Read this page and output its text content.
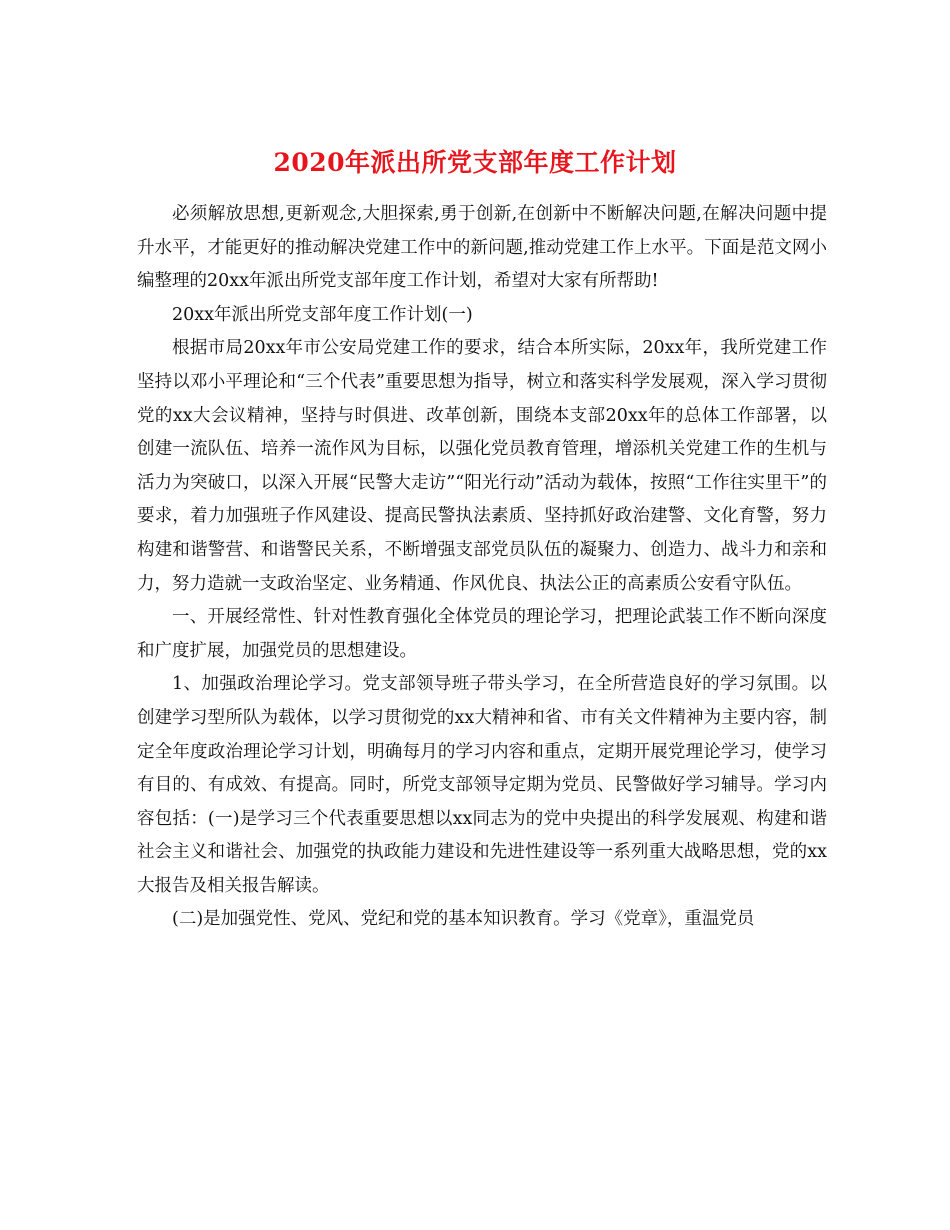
2020年派出所党支部年度工作计划

必须解放思想,更新观念,大胆探索,勇于创新,在创新中不断解决问题,在解决问题中提升水平，才能更好的推动解决党建工作中的新问题,推动党建工作上水平。下面是范文网小编整理的20xx年派出所党支部年度工作计划，希望对大家有所帮助!

20xx年派出所党支部年度工作计划(一)

根据市局20xx年市公安局党建工作的要求，结合本所实际，20xx年，我所党建工作坚持以邓小平理论和“三个代表”重要思想为指导，树立和落实科学发展观，深入学习贯彻党的xx大会议精神，坚持与时俱进、改革创新，围绕本支部20xx年的总体工作部署，以创建一流队伍、培养一流作风为目标，以强化党员教育管理，增添机关党建工作的生机与活力为突破口，以深入开展“民警大走访”“阳光行动”活动为载体，按照“工作往实里干”的要求，着力加强班子作风建设、提高民警执法素质、坚持抓好政治建警、文化育警，努力构建和谐警营、和谐警民关系，不断增强支部党员队伍的凝聚力、创造力、战斗力和亲和力，努力造就一支政治坚定、业务精通、作风优良、执法公正的高素质公安看守队伍。

一、开展经常性、针对性教育强化全体党员的理论学习，把理论武装工作不断向深度和广度扩展，加强党员的思想建设。

1、加强政治理论学习。党支部领导班子带头学习，在全所营造良好的学习氛围。以创建学习型所队为载体，以学习贯彻党的xx大精神和省、市有关文件精神为主要内容，制定全年度政治理论学习计划，明确每月的学习内容和重点，定期开展党理论学习，使学习有目的、有成效、有提高。同时，所党支部领导定期为党员、民警做好学习辅导。学习内容包括：(一)是学习三个代表重要思想以xx同志为的党中央提出的科学发展观、构建和谐社会主义和谐社会、加强党的执政能力建设和先进性建设等一系列重大战略思想，党的xx大报告及相关报告解读。

(二)是加强党性、党风、党纪和党的基本知识教育。学习《党章》，重温党员
